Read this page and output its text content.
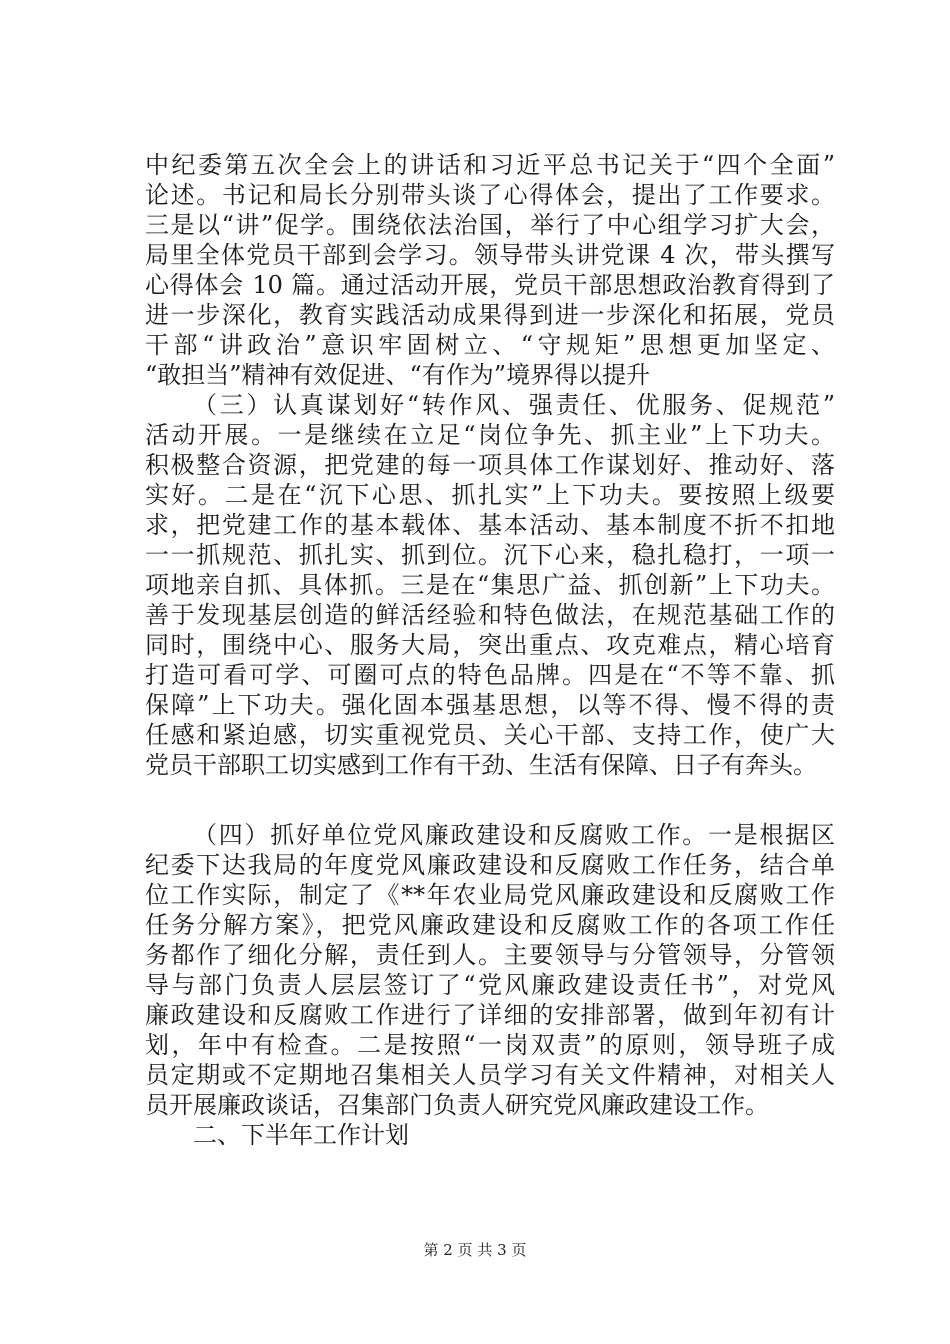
中纪委第五次全会上的讲话和习近平总书记关于“四个全面”
论述。书记和局长分别带头谈了心得体会，提出了工作要求。
三是以“讲”促学。围绕依法治国，举行了中心组学习扩大会，
局里全体党员干部到会学习。领导带头讲党课 4 次，带头撰写
心得体会 10 篇。通过活动开展，党员干部思想政治教育得到了
进一步深化，教育实践活动成果得到进一步深化和拓展，党员
干部“讲政治”意识牢固树立、“守规矩”思想更加坚定、
“敢担当”精神有效促进、“有作为”境界得以提升
（三）认真谋划好“转作风、强责任、优服务、促规范”
活动开展。一是继续在立足“岗位争先、抓主业”上下功夫。
积极整合资源，把党建的每一项具体工作谋划好、推动好、落
实好。二是在“沉下心思、抓扎实”上下功夫。要按照上级要
求，把党建工作的基本载体、基本活动、基本制度不折不扣地
一一抓规范、抓扎实、抓到位。沉下心来，稳扎稳打，一项一
项地亲自抓、具体抓。三是在“集思广益、抓创新”上下功夫。
善于发现基层创造的鲜活经验和特色做法，在规范基础工作的
同时，围绕中心、服务大局，突出重点、攻克难点，精心培育
打造可看可学、可圈可点的特色品牌。四是在“不等不靠、抓
保障”上下功夫。强化固本强基思想，以等不得、慢不得的责
任感和紧迫感，切实重视党员、关心干部、支持工作，使广大
党员干部职工切实感到工作有干劲、生活有保障、日子有奔头。
（四）抓好单位党风廉政建设和反腐败工作。一是根据区
纪委下达我局的年度党风廉政建设和反腐败工作任务，结合单
位工作实际，制定了《**年农业局党风廉政建设和反腐败工作
任务分解方案》，把党风廉政建设和反腐败工作的各项工作任
务都作了细化分解，责任到人。主要领导与分管领导，分管领
导与部门负责人层层签订了“党风廉政建设责任书”，对党风
廉政建设和反腐败工作进行了详细的安排部署，做到年初有计
划，年中有检查。二是按照“一岗双责”的原则，领导班子成
员定期或不定期地召集相关人员学习有关文件精神，对相关人
员开展廉政谈话，召集部门负责人研究党风廉政建设工作。
二、下半年工作计划
第 2 页 共 3 页
